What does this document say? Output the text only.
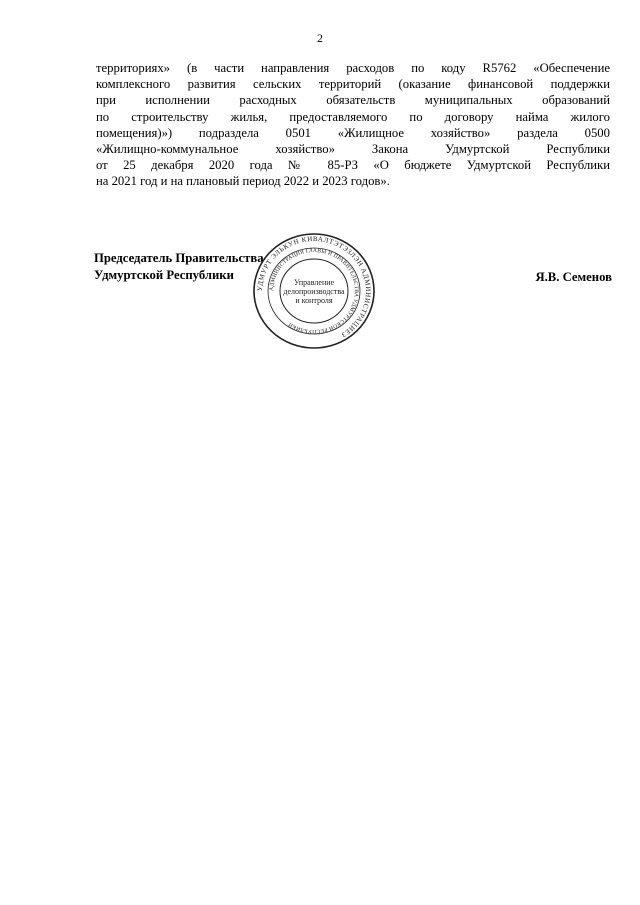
2
территориях» (в части направления расходов по коду R5762 «Обеспечение
комплексного развития сельских территорий (оказание финансовой поддержки
при исполнении расходных обязательств муниципальных образований
по строительству жилья, предоставляемого по договору найма жилого
помещения)») подраздела 0501 «Жилищное хозяйство» раздела 0500
«Жилищно-коммунальное хозяйство» Закона Удмуртской Республики
от 25 декабря 2020 года № 85-РЗ «О бюджете Удмуртской Республики
на 2021 год и на плановый период 2022 и 2023 годов».
Председатель Правительства
Удмуртской Республики	Я.В. Семенов
УДМУРТ ЭЛЬКУН КИВАЛТЭТЭЗЛЭН АДМИНИСТРАЦИЕЗ
АДМИНИСТРАЦИЯ ГЛАВЫ И ПРАВИТЕЛЬСТВА УДМУРТСКОЙ РЕСПУБЛИКИ
Управление
делопроизводства
и контроля
